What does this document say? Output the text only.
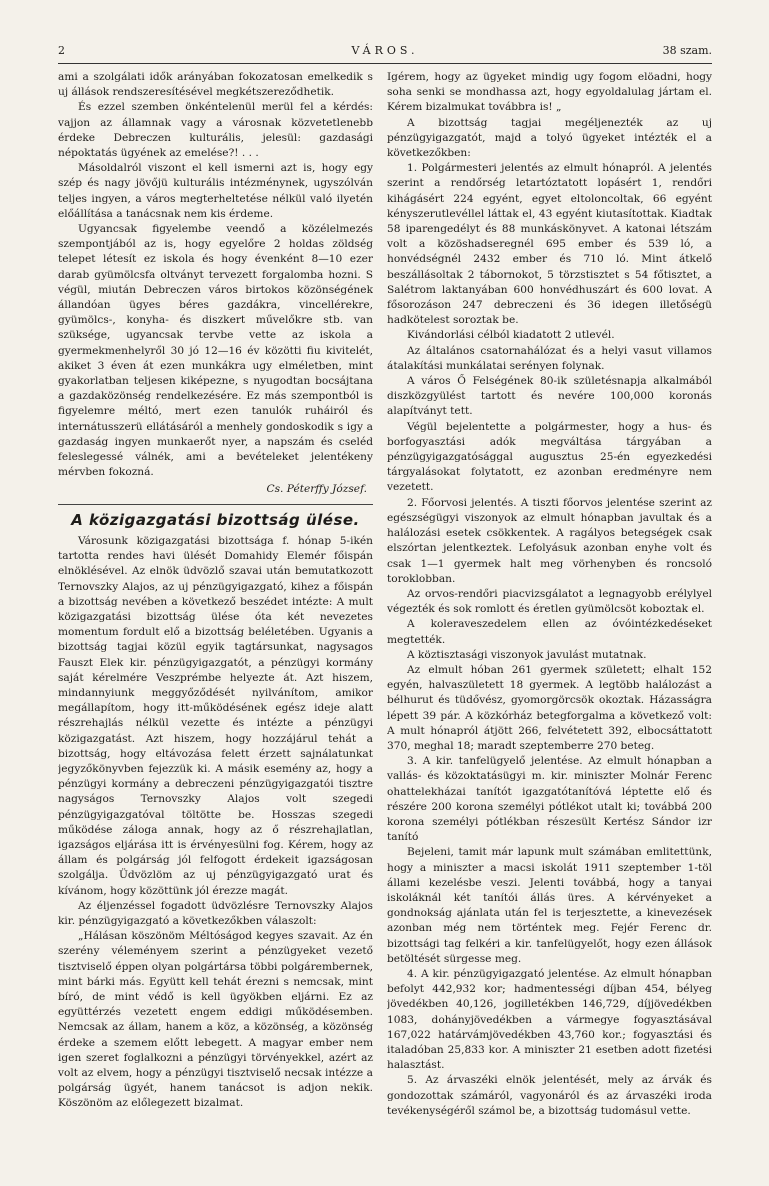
2	VÁROS.	38 szam.

ami a szolgálati idők arányában fokozatosan emelkedik s uj állások rendszeresítésével megkétszereződhetik.

És ezzel szemben önkéntelenül merül fel a kérdés: vajjon az államnak vagy a városnak közvetetlenebb érdeke Debreczen kulturális, jelesül: gazdasági népoktatás ügyének az emelése?! . . .

Másoldalról viszont el kell ismerni azt is, hogy egy szép és nagy jövőjü kulturális intézménynek, ugyszólván teljes ingyen, a város megterheltetése nélkül való ilyetén előállítása a tanácsnak nem kis érdeme.

Ugyancsak figyelembe veendő a közélelmezés szempontjából az is, hogy egyelőre 2 holdas zöldség telepet létesít ez iskola és hogy évenként 8—10 ezer darab gyümölcsfa oltványt tervezett forgalomba hozni. S végül, miután Debreczen város birtokos közönségének állandóan ügyes béres gazdákra, vincellérekre, gyümölcs-, konyha- és diszkert művelőkre stb. van szüksége, ugyancsak tervbe vette az iskola a gyermekmenhelyről 30 jó 12—16 év közötti fiu kivitelét, akiket 3 éven át ezen munkákra ugy elméletben, mint gyakorlatban teljesen kiképezne, s nyugodtan bocsájtana a gazdaközönség rendelkezésére. Ez más szempontból is figyelemre méltó, mert ezen tanulók ruháiról és internátusszerü ellátásáról a menhely gondoskodik s igy a gazdaság ingyen munkaerőt nyer, a napszám és cseléd feleslegessé válnék, ami a bevételeket jelentékeny mérvben fokozná.

Cs. Péterffy József.
A közigazgatási bizottság ülése.

Városunk közigazgatási bizottsága f. hónap 5-ikén tartotta rendes havi ülését Domahidy Elemér főispán elnöklésével. Az elnök üdvözlő szavai után bemutatkozott Ternovszky Alajos, az uj pénzügyigazgató, kihez a főispán a bizottság nevében a következő beszédet intézte: A mult közigazgatási bizottság ülése óta két nevezetes momentum fordult elő a bizottság beléletében. Ugyanis a bizottság tagjai közül egyik tagtársunkat, nagysagos Fauszt Elek kir. pénzügyigazgatót, a pénzügyi kormány saját kérelmére Veszprémbe helyezte át. Azt hiszem, mindannyiunk meggyőződését nyilvánítom, amikor megállapítom, hogy itt-működésének egész ideje alatt részrehajlás nélkül vezette és intézte a pénzügyi közigazgatást. Azt hiszem, hogy hozzájárul tehát a bizottság, hogy eltávozása felett érzett sajnálatunkat jegyzőkönyvben fejezzük ki. A másik esemény az, hogy a pénzügyi kormány a debreczeni pénzügyigazgatói tisztre nagyságos Ternovszky Alajos volt szegedi pénzügyigazgatóval töltötte be. Hosszas szegedi működése záloga annak, hogy az ő részrehajlatlan, igazságos eljárása itt is érvényesülni fog. Kérem, hogy az állam és polgárság jól felfogott érdekeit igazságosan szolgálja. Üdvözlöm az uj pénzügyigazgató urat és kívánom, hogy közöttünk jól érezze magát.

Az éljenzéssel fogadott üdvözlésre Ternovszky Alajos kir. pénzügyigazgató a következőkben válaszolt:

„Hálásan köszönöm Méltóságod kegyes szavait. Az én szerény véleményem szerint a pénzügyeket vezető tisztviselő éppen olyan polgártársa többi polgárembernek, mint bárki más. Együtt kell tehát érezni s nemcsak, mint bíró, de mint védő is kell ügyökben eljárni. Ez az együttérzés vezetett engem eddigi működésemben. Nemcsak az állam, hanem a köz, a közönség, a közönség érdeke a szemem előtt lebegett. A magyar ember nem igen szeret foglalkozni a pénzügyi törvényekkel, azért az volt az elvem, hogy a pénzügyi tisztviselő necsak intézze a polgárság ügyét, hanem tanácsot is adjon nekik. Köszönöm az előlegezett bizalmat.

Igérem, hogy az ügyeket mindig ugy fogom elöadni, hogy soha senki se mondhassa azt, hogy egyoldalulag jártam el. Kérem bizalmukat továbbra is! „

A bizottság tagjai megéljenezték az uj pénzügyigazgatót, majd a tolyó ügyeket intézték el a következőkben:

1. Polgármesteri jelentés az elmult hónapról. A jelentés szerint a rendőrség letartóztatott lopásért 1, rendőri kihágásért 224 egyént, egyet eltoloncoltak, 66 egyént kényszerutlevéllel láttak el, 43 egyént kiutasítottak. Kiadtak 58 iparengedélyt és 88 munkáskönyvet. A katonai létszám volt a közöshadseregnél 695 ember és 539 ló, a honvédségnél 2432 ember és 710 ló. Mint átkelő beszállásoltak 2 tábornokot, 5 törzstisztet s 54 főtisztet, a Salétrom laktanyában 600 honvédhuszárt és 600 lovat. A fősorozáson 247 debreczeni és 36 idegen illetőségü hadkötelest soroztak be.

Kivándorlási célból kiadatott 2 utlevél.

Az általános csatornahálózat és a helyi vasut villamos átalakítási munkálatai serényen folynak.

A város Ő Felségének 80-ik születésnapja alkalmából diszközgyülést tartott és nevére 100,000 koronás alapítványt tett.

Végül bejelentette a polgármester, hogy a hus- és borfogyasztási adók megváltása tárgyában a pénzügyigazgatósággal augusztus 25-én egyezkedési tárgyalásokat folytatott, ez azonban eredményre nem vezetett.

2. Főorvosi jelentés. A tiszti főorvos jelentése szerint az egészségügyi viszonyok az elmult hónapban javultak és a halálozási esetek csökkentek. A ragályos betegségek csak elszórtan jelentkeztek. Lefolyásuk azonban enyhe volt és csak 1—1 gyermek halt meg vörhenyben és roncsoló toroklobban.

Az orvos-rendőri piacvizsgálatot a legnagyobb erélylyel végezték és sok romlott és éretlen gyümölcsöt koboztak el.

A koleraveszedelem ellen az óvóintézkedéseket megtették.

A köztisztasági viszonyok javulást mutatnak.

Az elmult hóban 261 gyermek született; elhalt 152 egyén, halvaszületett 18 gyermek. A legtöbb halálozást a bélhurut és tüdővész, gyomorgörcsök okoztak. Házasságra lépett 39 pár. A közkórház betegforgalma a következő volt: A mult hónapról átjött 266, felvétetett 392, elbocsáttatott 370, meghal 18; maradt szeptemberre 270 beteg.

3. A kir. tanfelügyelő jelentése. Az elmult hónapban a vallás- és közoktatásügyi m. kir. miniszter Molnár Ferenc ohattelekházai tanítót igazgatótanítóvá léptette elő és részére 200 korona személyi pótlékot utalt ki; továbbá 200 korona személyi pótlékban részesült Kertész Sándor izr tanító

Bejeleni, tamit már lapunk mult számában emlitettünk, hogy a miniszter a macsi iskolát 1911 szeptember 1-töl állami kezelésbe veszi. Jelenti továbbá, hogy a tanyai iskoláknál két tanítói állás üres. A kérvényeket a gondnokság ajánlata után fel is terjesztette, a kinevezések azonban még nem történtek meg. Fejér Ferenc dr. bizottsági tag felkéri a kir. tanfelügyelőt, hogy ezen állások betöltését sürgesse meg.

4. A kir. pénzügyigazgató jelentése. Az elmult hónapban befolyt 442,932 kor; hadmentességi díjban 454, bélyeg jövedékben 40,126, jogilletékben 146,729, díjjövedékben 1083, dohányjövedékben a vármegye fogyasztásával 167,022 határvámjövedékben 43,760 kor.; fogyasztási és italadóban 25,833 kor. A miniszter 21 esetben adott fizetési halasztást.

5. Az árvaszéki elnök jelentését, mely az árvák és gondozottak számáról, vagyonáról és az árvaszéki iroda tevékenységéről számol be, a bizottság tudomásul vette.
